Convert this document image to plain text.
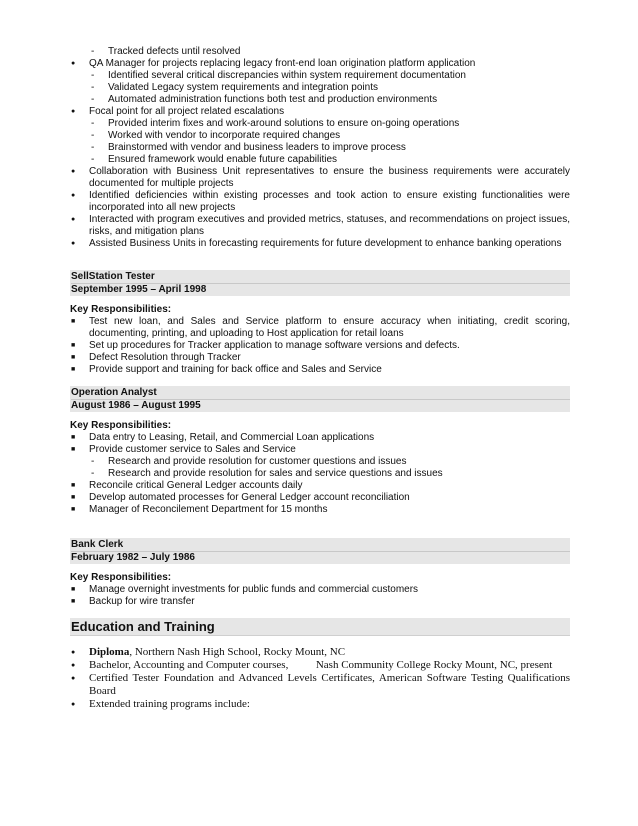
- Tracked defects until resolved
● QA Manager for projects replacing legacy front-end loan origination platform application
- Identified several critical discrepancies within system requirement documentation
- Validated Legacy system requirements and integration points
- Automated administration functions both test and production environments
● Focal point for all project related escalations
- Provided interim fixes and work-around solutions to ensure on-going operations
- Worked with vendor to incorporate required changes
- Brainstormed with vendor and business leaders to improve process
- Ensured framework would enable future capabilities
● Collaboration with Business Unit representatives to ensure the business requirements were accurately documented for multiple projects
● Identified deficiencies within existing processes and took action to ensure existing functionalities were incorporated into all new projects
● Interacted with program executives and provided metrics, statuses, and recommendations on project issues, risks, and mitigation plans
● Assisted Business Units in forecasting requirements for future development to enhance banking operations
SellStation Tester
September 1995 – April 1998
Key Responsibilities:
■ Test new loan, and Sales and Service platform to ensure accuracy when initiating, credit scoring, documenting, printing, and uploading to Host application for retail loans
■ Set up procedures for Tracker application to manage software versions and defects.
■ Defect Resolution through Tracker
■ Provide support and training for back office and Sales and Service
Operation Analyst
August 1986 – August 1995
Key Responsibilities:
■ Data entry to Leasing, Retail, and Commercial Loan applications
■ Provide customer service to Sales and Service
- Research and provide resolution for customer questions and issues
- Research and provide resolution for sales and service questions and issues
■ Reconcile critical General Ledger accounts daily
■ Develop automated processes for General Ledger account reconciliation
■ Manager of Reconcilement Department for 15 months
Bank Clerk
February 1982 – July 1986
Key Responsibilities:
■ Manage overnight investments for public funds and commercial customers
■ Backup for wire transfer
Education and Training
● Diploma, Northern Nash High School, Rocky Mount, NC
● Bachelor, Accounting and Computer courses,          Nash Community College Rocky Mount, NC, present
● Certified Tester Foundation and Advanced Levels Certificates, American Software Testing Qualifications Board
● Extended training programs include:
